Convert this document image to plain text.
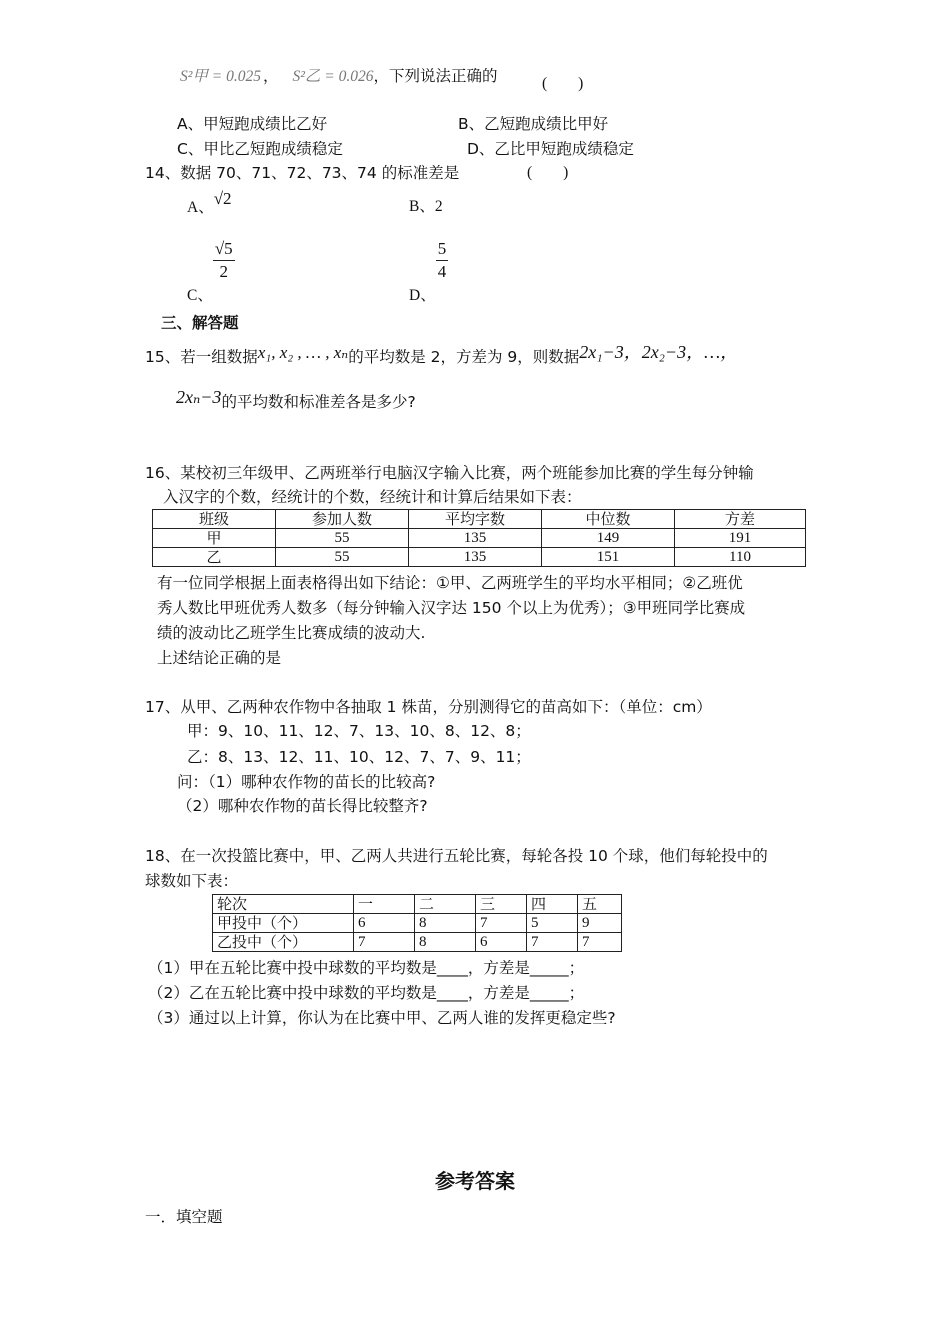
S²甲 = 0.025 ， S²乙 = 0.026，下列说法正确的	(　　)
A、甲短跑成绩比乙好	B、乙短跑成绩比甲好
C、甲比乙短跑成绩稳定	D、乙比甲短跑成绩稳定
14、数据 70、71、72、73、74 的标准差是	(　　)
A、√2	B、2
C、
$\frac{√5}{2}$
D、
$\frac{5}{4}$
三、解答题
15、若一组数据x₁, x₂ , … , xₙ的平均数是 2，方差为 9，则数据2x₁−3，2x₂−3，…，
2xₙ−3的平均数和标准差各是多少?
16、某校初三年级甲、乙两班举行电脑汉字输入比赛，两个班能参加比赛的学生每分钟输
入汉字的个数，经统计的个数，经统计和计算后结果如下表：
班级	参加人数	平均字数	中位数	方差
甲	55	135	149	191
乙	55	135	151	110
有一位同学根据上面表格得出如下结论：①甲、乙两班学生的平均水平相同；②乙班优
秀人数比甲班优秀人数多（每分钟输入汉字达 150 个以上为优秀）；③甲班同学比赛成
绩的波动比乙班学生比赛成绩的波动大.
上述结论正确的是
17、从甲、乙两种农作物中各抽取 1 株苗，分别测得它的苗高如下：（单位：cm）
甲：9、10、11、12、7、13、10、8、12、8；
乙：8、13、12、11、10、12、7、7、9、11；
问：（1）哪种农作物的苗长的比较高?
（2）哪种农作物的苗长得比较整齐?
18、在一次投篮比赛中，甲、乙两人共进行五轮比赛，每轮各投 10 个球，他们每轮投中的
球数如下表：
轮次	一	二	三	四	五
甲投中（个）	6	8	7	5	9
乙投中（个）	7	8	6	7	7
（1）甲在五轮比赛中投中球数的平均数是____，方差是_____；
（2）乙在五轮比赛中投中球数的平均数是____，方差是_____；
（3）通过以上计算，你认为在比赛中甲、乙两人谁的发挥更稳定些?
参考答案
一．填空题
